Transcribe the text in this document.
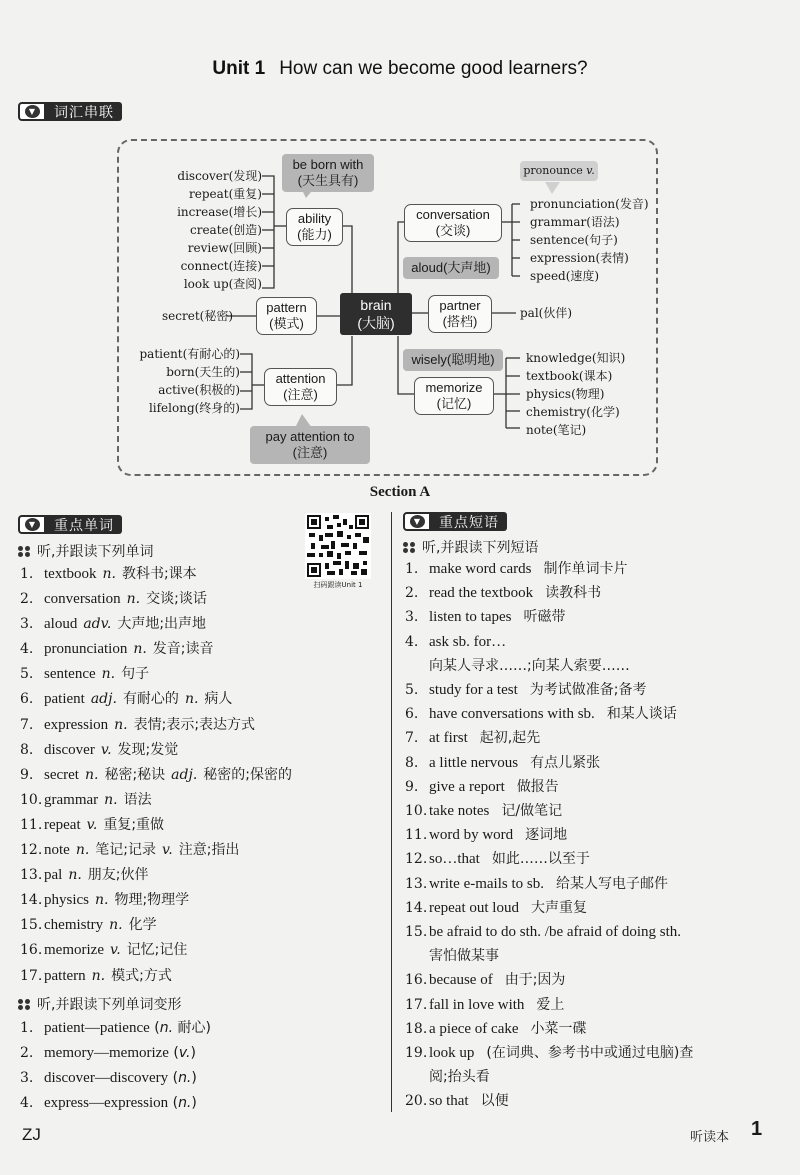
Unit 1 How can we become good learners?
▼	词汇串联
be born with
(天生具有)
discover(发现)
repeat(重复)
increase(增长)
create(创造)
review(回顾)
connect(连接)
look up(查阅)
ability
(能力)
secret(秘密)
pattern
(模式)
brain
(大脑)
patient(有耐心的)
born(天生的)
active(积极的)
lifelong(终身的)
attention
(注意)
pay attention to
(注意)
conversation
(交谈)
pronounce v.
pronunciation(发音)
grammar(语法)
sentence(句子)
expression(表情)
speed(速度)
aloud(大声地)
partner
(搭档)
pal(伙伴)
wisely(聪明地)
memorize
(记忆)
knowledge(知识)
textbook(课本)
physics(物理)
chemistry(化学)
note(笔记)
Section A
▼	重点单词
听,并跟读下列单词
扫码跟读Unit 1
1. textbook n. 教科书;课本
2. conversation n. 交谈;谈话
3. aloud adv. 大声地;出声地
4. pronunciation n. 发音;读音
5. sentence n. 句子
6. patient adj. 有耐心的 n. 病人
7. expression n. 表情;表示;表达方式
8. discover v. 发现;发觉
9. secret n. 秘密;秘诀 adj. 秘密的;保密的
10. grammar n. 语法
11. repeat v. 重复;重做
12. note n. 笔记;记录 v. 注意;指出
13. pal n. 朋友;伙伴
14. physics n. 物理;物理学
15. chemistry n. 化学
16. memorize v. 记忆;记住
17. pattern n. 模式;方式
听,并跟读下列单词变形
1. patient—patience (n. 耐心)
2. memory—memorize (v.)
3. discover—discovery (n.)
4. express—expression (n.)
▼	重点短语
听,并跟读下列短语
1. make word cards 制作单词卡片
2. read the textbook 读教科书
3. listen to tapes 听磁带
4. ask sb. for…
向某人寻求……;向某人索要……
5. study for a test 为考试做准备;备考
6. have conversations with sb. 和某人谈话
7. at first 起初,起先
8. a little nervous 有点儿紧张
9. give a report 做报告
10. take notes 记/做笔记
11. word by word 逐词地
12. so…that 如此……以至于
13. write e-mails to sb. 给某人写电子邮件
14. repeat out loud 大声重复
15. be afraid to do sth. /be afraid of doing sth.
害怕做某事
16. because of 由于;因为
17. fall in love with 爱上
18. a piece of cake 小菜一碟
19. look up (在词典、参考书中或通过电脑)查
阅;抬头看
20. so that 以便
ZJ	听读本 1
